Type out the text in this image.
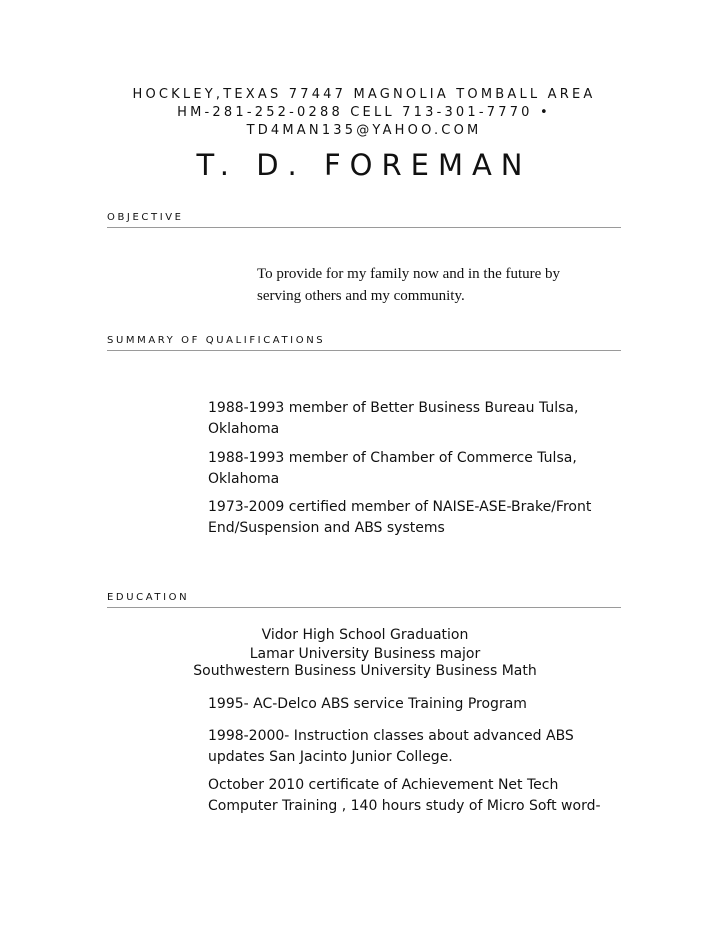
HOCKLEY,TEXAS 77447 MAGNOLIA TOMBALL AREA
HM-281-252-0288 CELL 713-301-7770 •
TD4MAN135@YAHOO.COM
T. D. FOREMAN
OBJECTIVE
To provide for my family now and in the future by
serving others and my community.
SUMMARY OF QUALIFICATIONS
1988-1993 member of Better Business Bureau Tulsa,
Oklahoma
1988-1993 member of Chamber of Commerce Tulsa,
Oklahoma
1973-2009 certified member of NAISE-ASE-Brake/Front
End/Suspension and ABS systems
EDUCATION
Vidor High School Graduation
Lamar University Business major
Southwestern Business University Business Math
1995- AC-Delco ABS service Training Program
1998-2000- Instruction classes about advanced ABS
updates San Jacinto Junior College.
October 2010 certificate of Achievement Net Tech
Computer Training , 140 hours study of Micro Soft word-
